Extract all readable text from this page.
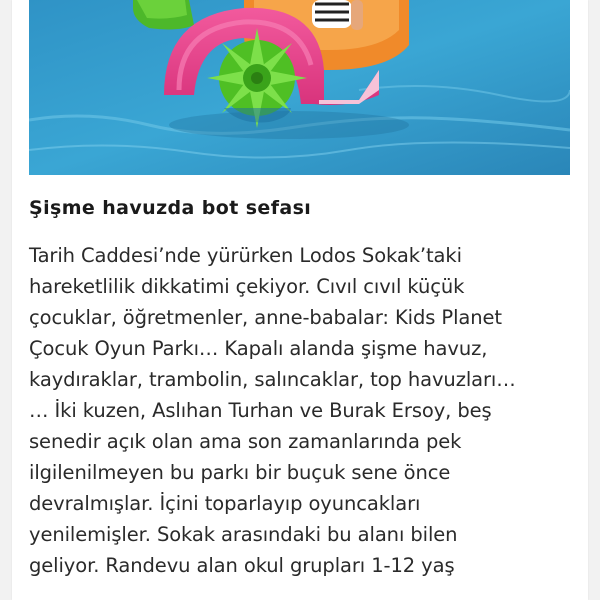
Şişme havuzda bot sefası

Tarih Caddesi’nde yürürken Lodos Sokak’taki
hareketlilik dikkatimi çekiyor. Cıvıl cıvıl küçük
çocuklar, öğretmenler, anne-babalar: Kids Planet
Çocuk Oyun Parkı… Kapalı alanda şişme havuz,
kaydıraklar, trambolin, salıncaklar, top havuzları…
… İki kuzen, Aslıhan Turhan ve Burak Ersoy, beş
senedir açık olan ama son zamanlarında pek
ilgilenilmeyen bu parkı bir buçuk sene önce
devralmışlar. İçini toparlayıp oyuncakları
yenilemişler. Sokak arasındaki bu alanı bilen
geliyor. Randevu alan okul grupları 1-12 yaş
